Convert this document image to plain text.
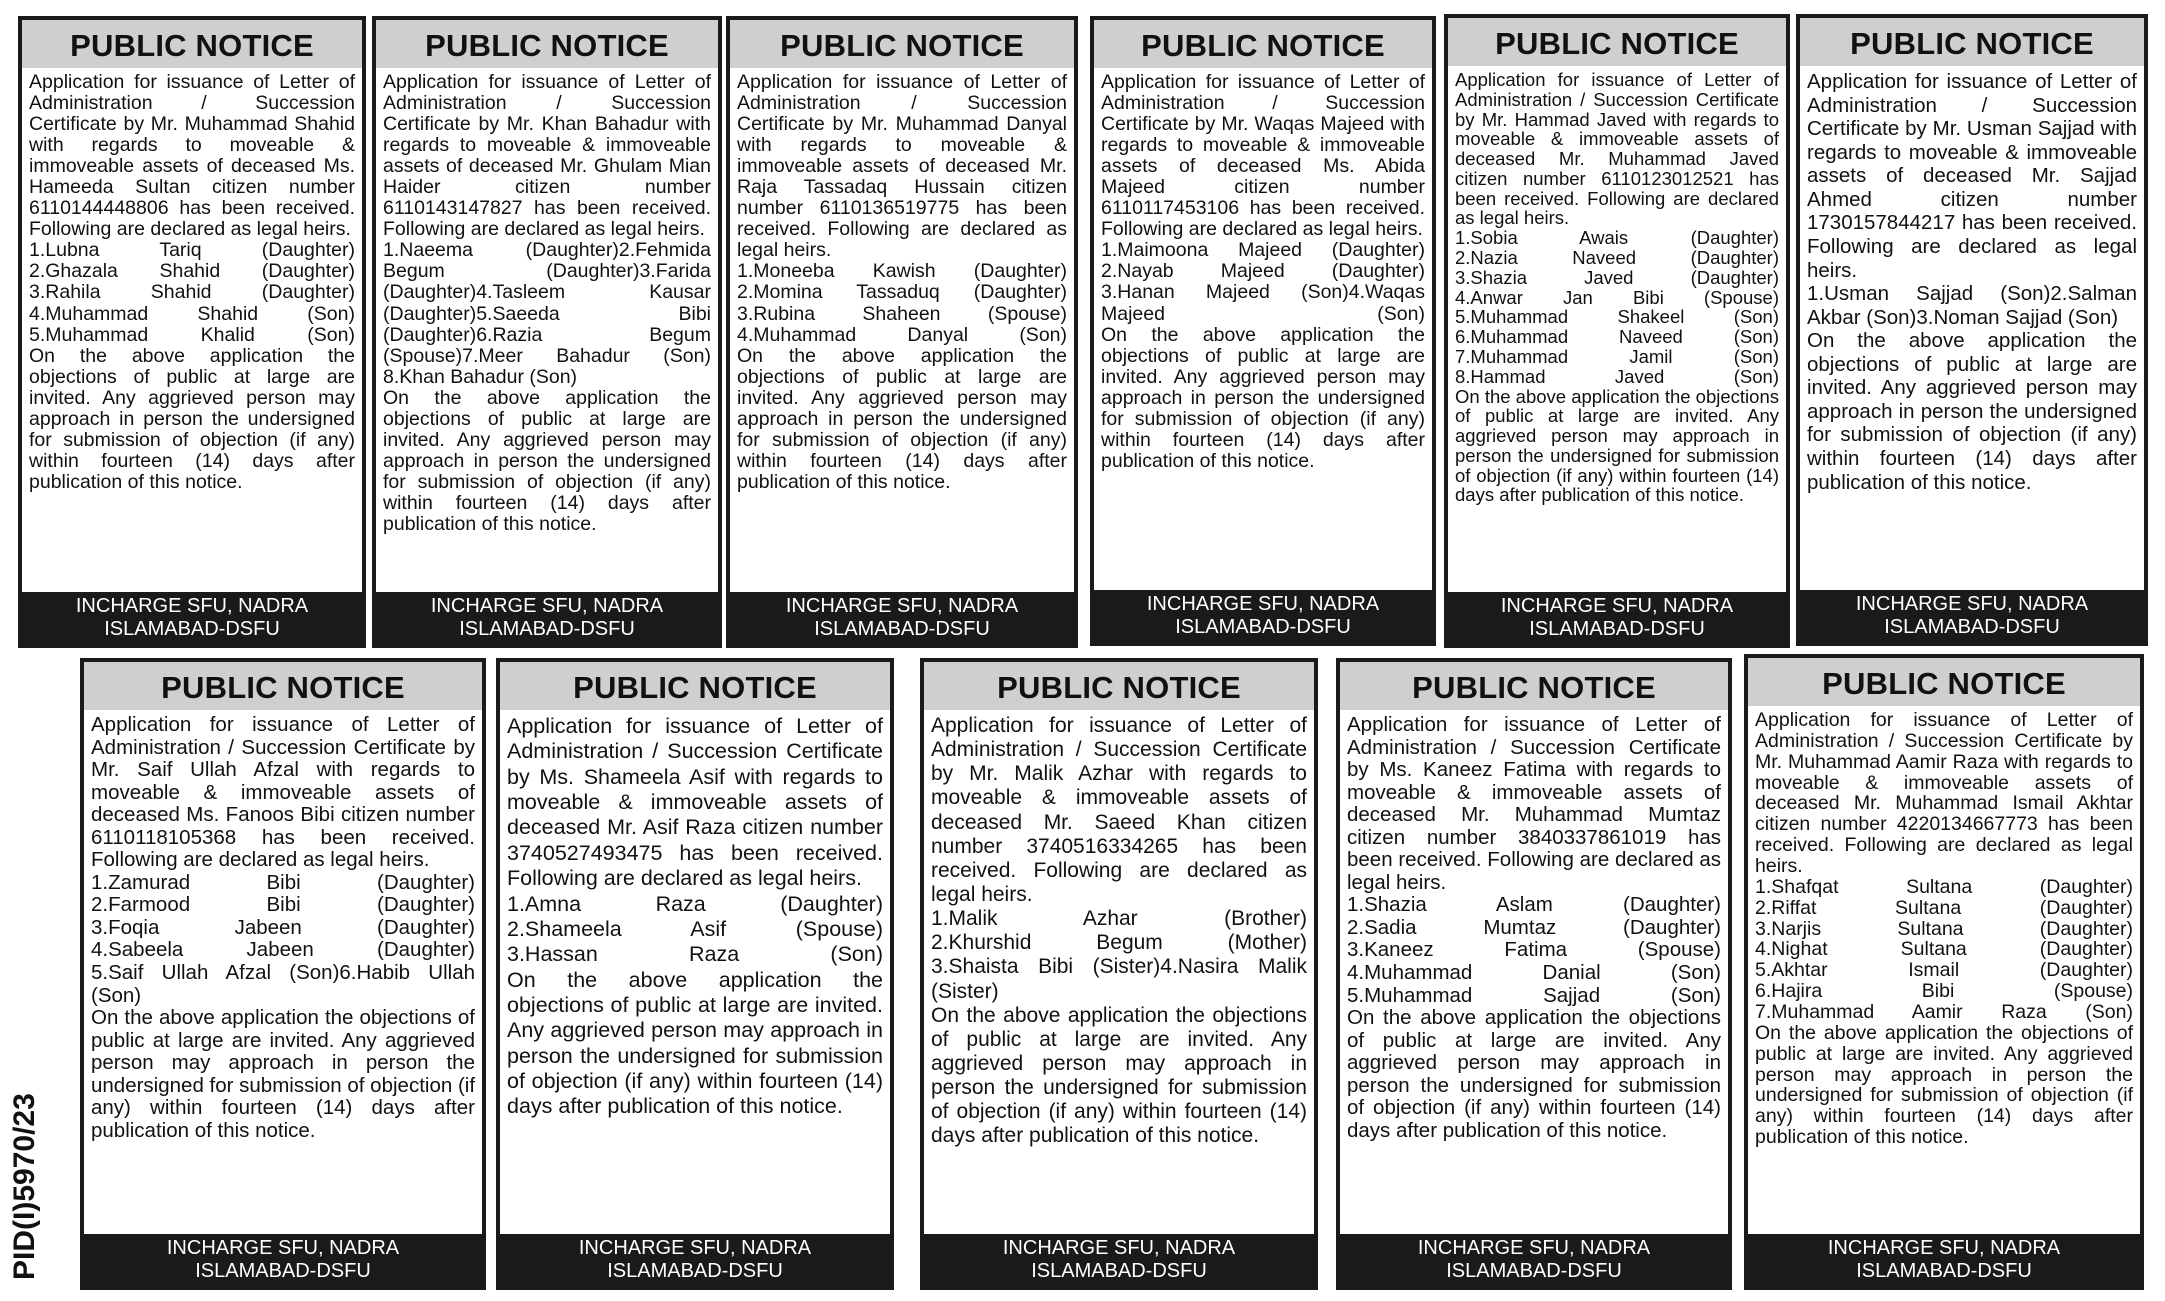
PID(I)5970/23
PUBLIC NOTICE

Application for issuance of Letter of Administration / Succession Certificate by Mr. Muhammad Shahid with regards to moveable & immoveable assets of deceased Ms. Hameeda Sultan citizen number 6110144448806 has been received. Following are declared as legal heirs.

1.Lubna Tariq (Daughter)
2.Ghazala Shahid (Daughter)
3.Rahila Shahid (Daughter)
4.Muhammad Shahid (Son)
5.Muhammad Khalid (Son)

On the above application the objections of public at large are invited. Any aggrieved person may approach in person the undersigned for submission of objection (if any) within fourteen (14) days after publication of this notice.

INCHARGE SFU, NADRA
ISLAMABAD-DSFU
PUBLIC NOTICE

Application for issuance of Letter of Administration / Succession Certificate by Mr. Khan Bahadur with regards to moveable & immoveable assets of deceased Mr. Ghulam Mian Haider citizen number 6110143147827 has been received. Following are declared as legal heirs.

1.Naeema (Daughter)2.Fehmida Begum (Daughter)3.Farida (Daughter)4.Tasleem Kausar (Daughter)5.Saeeda Bibi (Daughter)6.Razia Begum (Spouse)7.Meer Bahadur (Son) 8.Khan Bahadur (Son)

On the above application the objections of public at large are invited. Any aggrieved person may approach in person the undersigned for submission of objection (if any) within fourteen (14) days after publication of this notice.

INCHARGE SFU, NADRA
ISLAMABAD-DSFU
PUBLIC NOTICE

Application for issuance of Letter of Administration / Succession Certificate by Mr. Muhammad Danyal with regards to moveable & immoveable assets of deceased Mr. Raja Tassadaq Hussain citizen number 6110136519775 has been received. Following are declared as legal heirs.

1.Moneeba Kawish (Daughter)
2.Momina Tassaduq (Daughter)
3.Rubina Shaheen (Spouse)
4.Muhammad Danyal (Son)

On the above application the objections of public at large are invited. Any aggrieved person may approach in person the undersigned for submission of objection (if any) within fourteen (14) days after publication of this notice.

INCHARGE SFU, NADRA
ISLAMABAD-DSFU
PUBLIC NOTICE

Application for issuance of Letter of Administration / Succession Certificate by Mr. Waqas Majeed with regards to moveable & immoveable assets of deceased Ms. Abida Majeed citizen number 6110117453106 has been received. Following are declared as legal heirs.

1.Maimoona Majeed (Daughter)
2.Nayab Majeed (Daughter)
3.Hanan Majeed (Son)4.Waqas Majeed (Son)

On the above application the objections of public at large are invited. Any aggrieved person may approach in person the undersigned for submission of objection (if any) within fourteen (14) days after publication of this notice.

INCHARGE SFU, NADRA
ISLAMABAD-DSFU
PUBLIC NOTICE

Application for issuance of Letter of Administration / Succession Certificate by Mr. Hammad Javed with regards to moveable & immoveable assets of deceased Mr. Muhammad Javed citizen number 6110123012521 has been received. Following are declared as legal heirs.

1.Sobia Awais (Daughter)
2.Nazia Naveed (Daughter)
3.Shazia Javed (Daughter)
4.Anwar Jan Bibi (Spouse)
5.Muhammad Shakeel (Son)
6.Muhammad Naveed (Son)
7.Muhammad Jamil (Son)
8.Hammad Javed (Son)

On the above application the objections of public at large are invited. Any aggrieved person may approach in person the undersigned for submission of objection (if any) within fourteen (14) days after publication of this notice.

INCHARGE SFU, NADRA
ISLAMABAD-DSFU
PUBLIC NOTICE

Application for issuance of Letter of Administration / Succession Certificate by Mr. Usman Sajjad with regards to moveable & immoveable assets of deceased Mr. Sajjad Ahmed citizen number 1730157844217 has been received. Following are declared as legal heirs.

1.Usman Sajjad (Son)2.Salman Akbar (Son)3.Noman Sajjad (Son)

On the above application the objections of public at large are invited. Any aggrieved person may approach in person the undersigned for submission of objection (if any) within fourteen (14) days after publication of this notice.

INCHARGE SFU, NADRA
ISLAMABAD-DSFU
PUBLIC NOTICE

Application for issuance of Letter of Administration / Succession Certificate by Mr. Saif Ullah Afzal with regards to moveable & immoveable assets of deceased Ms. Fanoos Bibi citizen number 6110118105368 has been received. Following are declared as legal heirs.

1.Zamurad Bibi (Daughter)
2.Farmood Bibi (Daughter)
3.Foqia Jabeen (Daughter)
4.Sabeela Jabeen (Daughter)
5.Saif Ullah Afzal (Son)6.Habib Ullah (Son)

On the above application the objections of public at large are invited. Any aggrieved person may approach in person the undersigned for submission of objection (if any) within fourteen (14) days after publication of this notice.

INCHARGE SFU, NADRA
ISLAMABAD-DSFU
PUBLIC NOTICE

Application for issuance of Letter of Administration / Succession Certificate by Ms. Shameela Asif with regards to moveable & immoveable assets of deceased Mr. Asif Raza citizen number 3740527493475 has been received. Following are declared as legal heirs.

1.Amna Raza (Daughter)
2.Shameela Asif (Spouse)
3.Hassan Raza (Son)

On the above application the objections of public at large are invited. Any aggrieved person may approach in person the undersigned for submission of objection (if any) within fourteen (14) days after publication of this notice.

INCHARGE SFU, NADRA
ISLAMABAD-DSFU
PUBLIC NOTICE

Application for issuance of Letter of Administration / Succession Certificate by Mr. Malik Azhar with regards to moveable & immoveable assets of deceased Mr. Saeed Khan citizen number 3740516334265 has been received. Following are declared as legal heirs.

1.Malik Azhar (Brother)
2.Khurshid Begum (Mother)
3.Shaista Bibi (Sister)4.Nasira Malik (Sister)

On the above application the objections of public at large are invited. Any aggrieved person may approach in person the undersigned for submission of objection (if any) within fourteen (14) days after publication of this notice.

INCHARGE SFU, NADRA
ISLAMABAD-DSFU
PUBLIC NOTICE

Application for issuance of Letter of Administration / Succession Certificate by Ms. Kaneez Fatima with regards to moveable & immoveable assets of deceased Mr. Muhammad Mumtaz citizen number 3840337861019 has been received. Following are declared as legal heirs.

1.Shazia Aslam (Daughter)
2.Sadia Mumtaz (Daughter)
3.Kaneez Fatima (Spouse)
4.Muhammad Danial (Son)
5.Muhammad Sajjad (Son)

On the above application the objections of public at large are invited. Any aggrieved person may approach in person the undersigned for submission of objection (if any) within fourteen (14) days after publication of this notice.

INCHARGE SFU, NADRA
ISLAMABAD-DSFU
PUBLIC NOTICE

Application for issuance of Letter of Administration / Succession Certificate by Mr. Muhammad Aamir Raza with regards to moveable & immoveable assets of deceased Mr. Muhammad Ismail Akhtar citizen number 4220134667773 has been received. Following are declared as legal heirs.

1.Shafqat Sultana (Daughter)
2.Riffat Sultana (Daughter)
3.Narjis Sultana (Daughter)
4.Nighat Sultana (Daughter)
5.Akhtar Ismail (Daughter)
6.Hajira Bibi (Spouse)
7.Muhammad Aamir Raza (Son)

On the above application the objections of public at large are invited. Any aggrieved person may approach in person the undersigned for submission of objection (if any) within fourteen (14) days after publication of this notice.

INCHARGE SFU, NADRA
ISLAMABAD-DSFU
